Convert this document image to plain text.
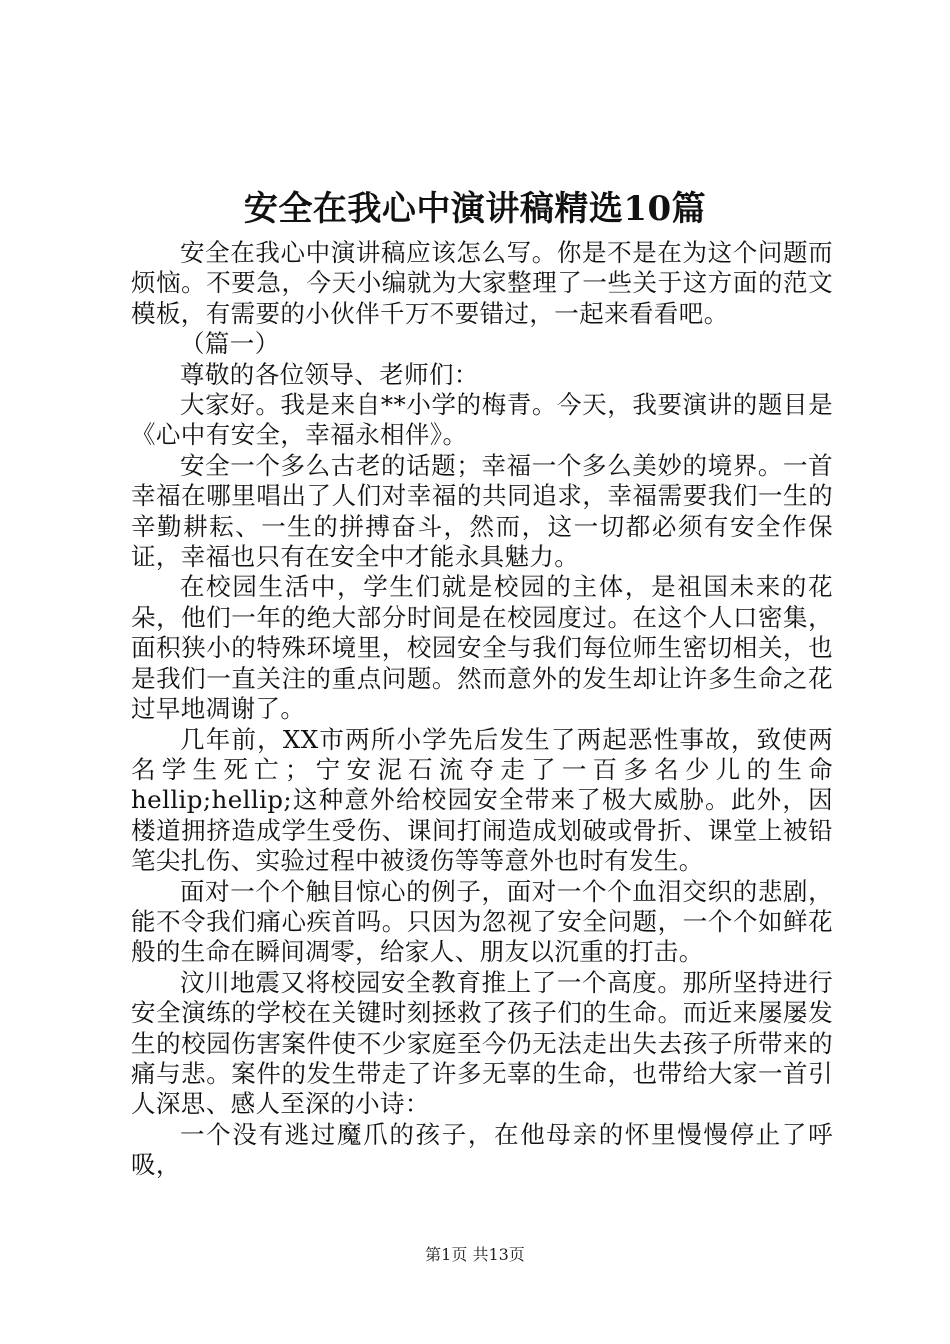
安全在我心中演讲稿精选10篇

安全在我心中演讲稿应该怎么写。你是不是在为这个问题而烦恼。不要急，今天小编就为大家整理了一些关于这方面的范文模板，有需要的小伙伴千万不要错过，一起来看看吧。

（篇一）

尊敬的各位领导、老师们：

大家好。我是来自**小学的梅青。今天，我要演讲的题目是《心中有安全，幸福永相伴》。

安全一个多么古老的话题；幸福一个多么美妙的境界。一首幸福在哪里唱出了人们对幸福的共同追求，幸福需要我们一生的辛勤耕耘、一生的拼搏奋斗，然而，这一切都必须有安全作保证，幸福也只有在安全中才能永具魅力。

在校园生活中，学生们就是校园的主体，是祖国未来的花朵，他们一年的绝大部分时间是在校园度过。在这个人口密集，面积狭小的特殊环境里，校园安全与我们每位师生密切相关，也是我们一直关注的重点问题。然而意外的发生却让许多生命之花过早地凋谢了。

几年前，XX市两所小学先后发生了两起恶性事故，致使两名学生死亡；宁安泥石流夺走了一百多名少儿的生命hellip;hellip;这种意外给校园安全带来了极大威胁。此外，因楼道拥挤造成学生受伤、课间打闹造成划破或骨折、课堂上被铅笔尖扎伤、实验过程中被烫伤等等意外也时有发生。

面对一个个触目惊心的例子，面对一个个血泪交织的悲剧，能不令我们痛心疾首吗。只因为忽视了安全问题，一个个如鲜花般的生命在瞬间凋零，给家人、朋友以沉重的打击。

汶川地震又将校园安全教育推上了一个高度。那所坚持进行安全演练的学校在关键时刻拯救了孩子们的生命。而近来屡屡发生的校园伤害案件使不少家庭至今仍无法走出失去孩子所带来的痛与悲。案件的发生带走了许多无辜的生命，也带给大家一首引人深思、感人至深的小诗：

一个没有逃过魔爪的孩子，在他母亲的怀里慢慢停止了呼吸，

第1页 共13页
